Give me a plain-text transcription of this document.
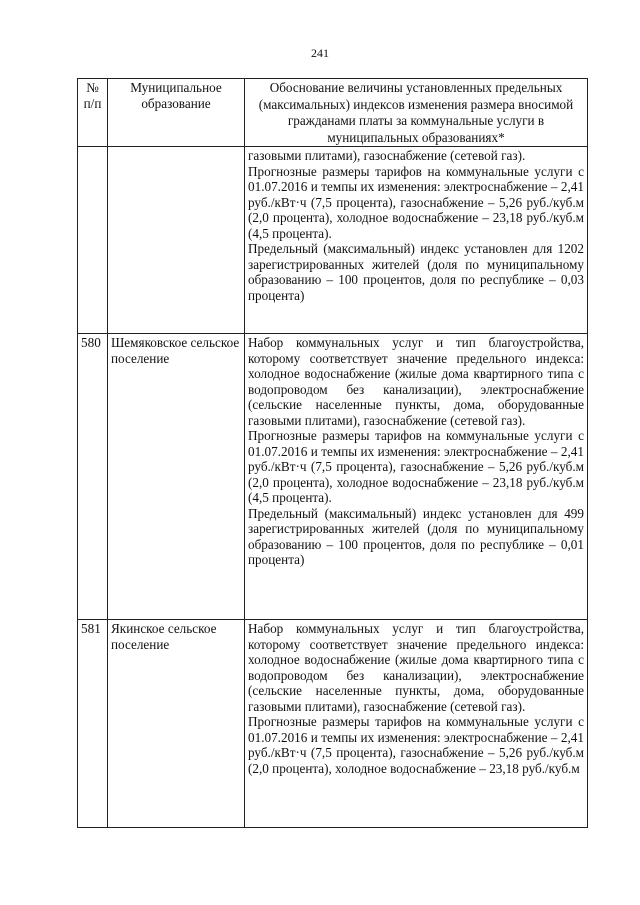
241
№ п/п	Муниципальное образование	Обоснование величины установленных предельных (максимальных) индексов изменения размера вносимой гражданами платы за коммунальные услуги в муниципальных образованиях*

		газовыми плитами), газоснабжение (сетевой газ).

Прогнозные размеры тарифов на коммунальные услуги с 01.07.2016 и темпы их изменения: электроснабжение – 2,41 руб./кВт·ч (7,5 процента), газоснабжение – 5,26 руб./куб.м (2,0 процента), холодное водоснабжение – 23,18 руб./куб.м (4,5 процента).

Предельный (максимальный) индекс установлен для 1202 зарегистрированных жителей (доля по муниципальному образованию – 100 процентов, доля по республике – 0,03 процента)

580	Шемяковское сельское поселение	Набор коммунальных услуг и тип благоустройства, которому соответствует значение предельного индекса: холодное водоснабжение (жилые дома квартирного типа с водопроводом без канализации), электроснабжение (сельские населенные пункты, дома, оборудованные газовыми плитами), газоснабжение (сетевой газ).

Прогнозные размеры тарифов на коммунальные услуги с 01.07.2016 и темпы их изменения: электроснабжение – 2,41 руб./кВт·ч (7,5 процента), газоснабжение – 5,26 руб./куб.м (2,0 процента), холодное водоснабжение – 23,18 руб./куб.м (4,5 процента).

Предельный (максимальный) индекс установлен для 499 зарегистрированных жителей (доля по муниципальному образованию – 100 процентов, доля по республике – 0,01 процента)

581	Якинское сельское поселение	Набор коммунальных услуг и тип благоустройства, которому соответствует значение предельного индекса: холодное водоснабжение (жилые дома квартирного типа с водопроводом без канализации), электроснабжение (сельские населенные пункты, дома, оборудованные газовыми плитами), газоснабжение (сетевой газ).

Прогнозные размеры тарифов на коммунальные услуги с 01.07.2016 и темпы их изменения: электроснабжение – 2,41 руб./кВт·ч (7,5 процента), газоснабжение – 5,26 руб./куб.м (2,0 процента), холодное водоснабжение – 23,18 руб./куб.м
